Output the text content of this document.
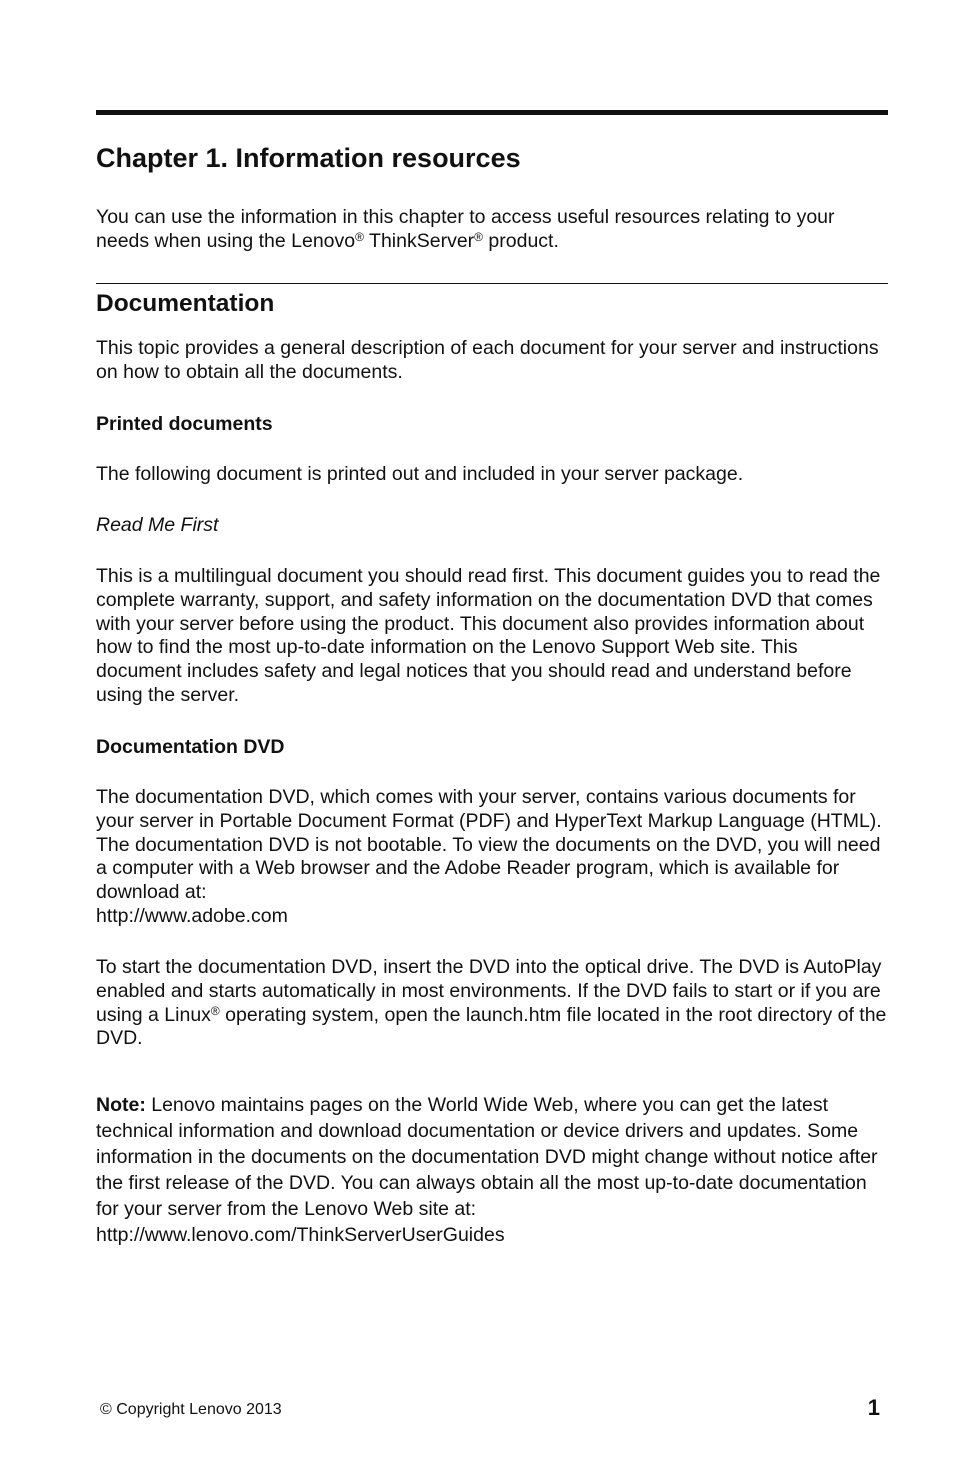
Chapter 1. Information resources

You can use the information in this chapter to access useful resources relating to your needs when using the Lenovo® ThinkServer® product.

Documentation

This topic provides a general description of each document for your server and instructions on how to obtain all the documents.

Printed documents

The following document is printed out and included in your server package.

Read Me First

This is a multilingual document you should read first. This document guides you to read the complete warranty, support, and safety information on the documentation DVD that comes with your server before using the product. This document also provides information about how to find the most up-to-date information on the Lenovo Support Web site. This document includes safety and legal notices that you should read and understand before using the server.

Documentation DVD

The documentation DVD, which comes with your server, contains various documents for your server in Portable Document Format (PDF) and HyperText Markup Language (HTML). The documentation DVD is not bootable. To view the documents on the DVD, you will need a computer with a Web browser and the Adobe Reader program, which is available for download at:
http://www.adobe.com

To start the documentation DVD, insert the DVD into the optical drive. The DVD is AutoPlay enabled and starts automatically in most environments. If the DVD fails to start or if you are using a Linux® operating system, open the launch.htm file located in the root directory of the DVD.

Note: Lenovo maintains pages on the World Wide Web, where you can get the latest technical information and download documentation or device drivers and updates. Some information in the documents on the documentation DVD might change without notice after the first release of the DVD. You can always obtain all the most up-to-date documentation for your server from the Lenovo Web site at:
http://www.lenovo.com/ThinkServerUserGuides

© Copyright Lenovo 2013	1
